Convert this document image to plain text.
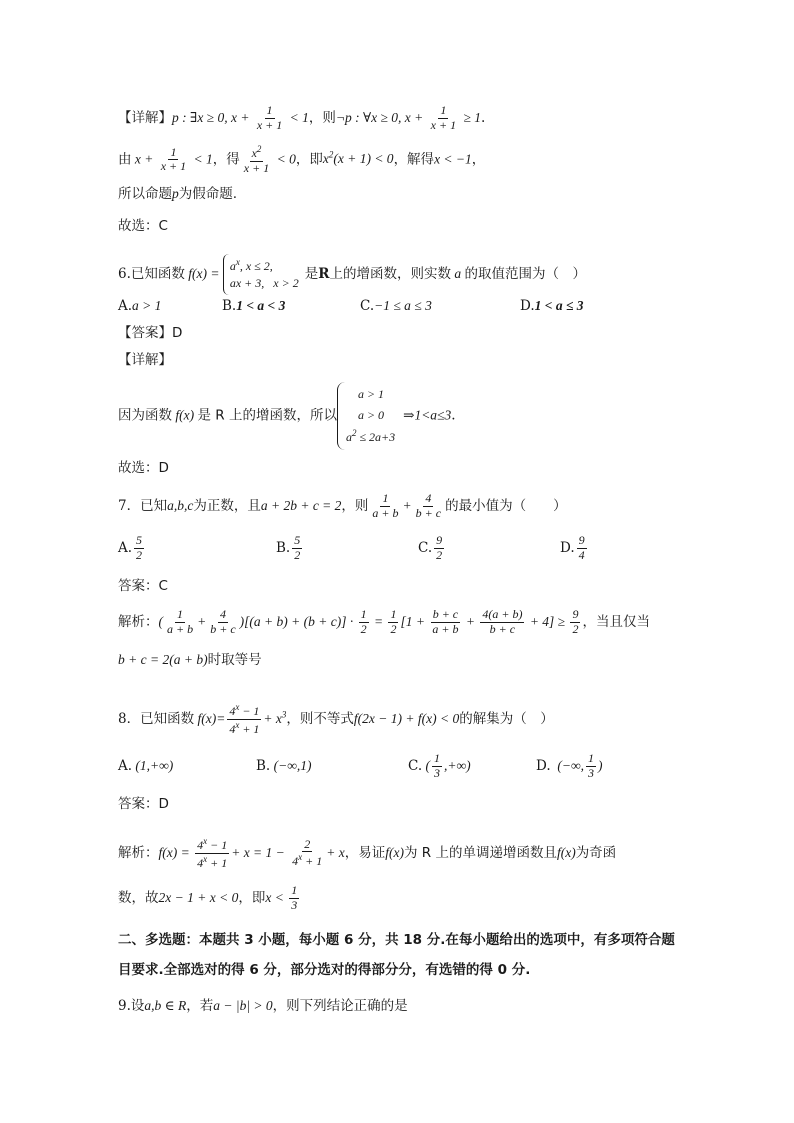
【详解】p : ∃x ≥ 0, $x + \frac{1}{x + 1} < 1$，则¬p : ∀x ≥ 0, $x + \frac{1}{x + 1} \ge 1$.
由 $x + \frac{1}{x + 1} < 1$，得 $\frac{x^2}{x + 1} < 0$，即$x^2(x + 1) < 0$，解得x < −1，
所以命题p为假命题.
故选：C
6.已知函数 $f(x) = a^x$, x ≤ 2,
ax + 3,   x > 2是R上的增函数，则实数 a 的取值范围为（　）
A.a > 1	B.1 < a < 3	C.−1 ≤ a ≤ 3	D.1 < a ≤ 3
【答案】D
【详解】
因为函数 f(x) 是 R 上的增函数，所以    a > 1
a > 0
$a^2$ ≤ 2a+3⇒1<a≤3.
故选：D
7．已知a,b,c为正数，且a + 2b + c = 2，则 $\frac{1}{a + b} + \frac{4}{b + c}$ 的最小值为（　　）
A. $\frac{5}{2}$	B. $\frac{5}{2}$	C. $\frac{9}{2}$	D. $\frac{9}{4}$
答案：C
解析：( $\frac{1}{a + b} + \frac{4}{b + c} )[(a + b) + (b + c)] \cdot \frac{1}{2} = \frac{1}{2} [1 + \frac{b + c}{a + b} + \frac{4(a + b)}{b + c} + 4] \ge \frac{9}{2}$ ，当且仅当
b + c = 2(a + b)时取等号
8．已知函数 $f(x)= \frac{4^x - 1}{4^x + 1} + x^3$，则不等式f(2x − 1) + f(x) < 0的解集为（　）
A. (1,+∞)	B. (−∞,1)	C. ( $\frac{1}{3}$ ,+∞)	D.  (−∞, $\frac{1}{3}$ )
答案：D
解析：$f(x) = \frac{4^x - 1}{4^x + 1} + x = 1 - \frac{2}{4^x + 1} + x$，易证f(x)为 R 上的单调递增函数且f(x)为奇函
数，故2x − 1 + x < 0，即$x < \frac{1}{3}$
二、多选题：本题共 3 小题，每小题 6 分，共 18 分.在每小题给出的选项中，有多项符合题
目要求.全部选对的得 6 分，部分选对的得部分分，有选错的得 0 分.
9.设a,b ∈ R，若a − |b| > 0，则下列结论正确的是
